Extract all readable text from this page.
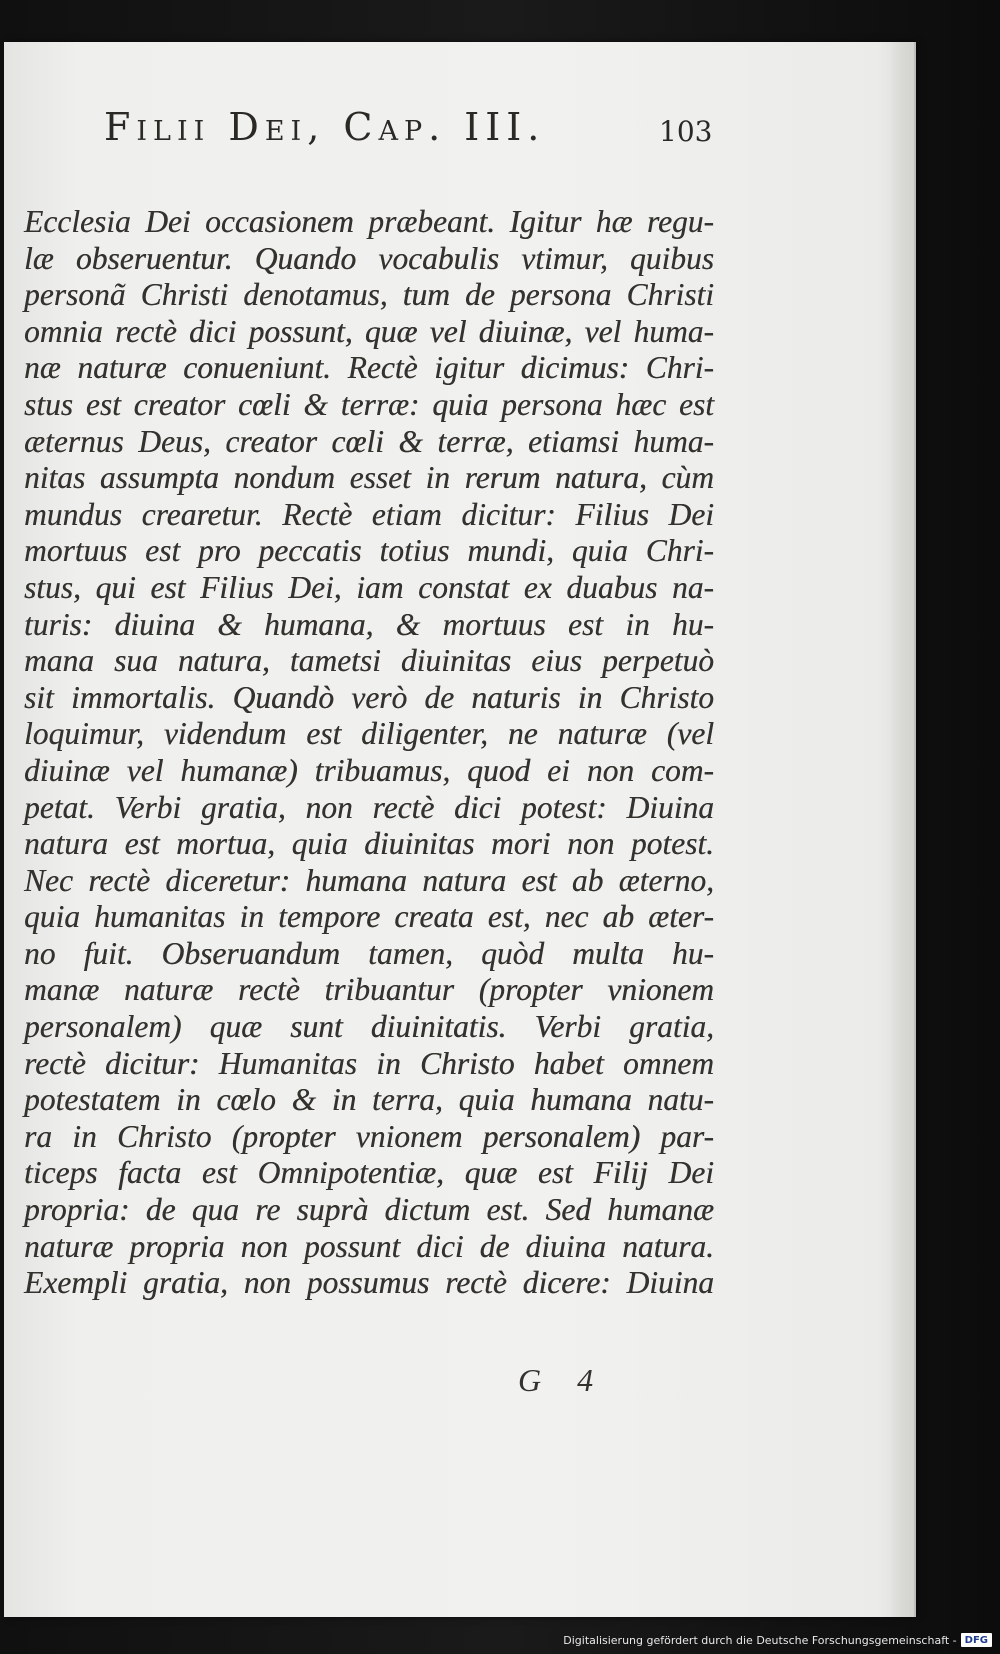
Filii Dei, Cap. III.	103
Ecclesia Dei occasionem præbeant. Igitur hæ regu-
læ obseruentur. Quando vocabulis vtimur, quibus
personã Christi denotamus, tum de persona Christi
omnia rectè dici possunt, quæ vel diuinæ, vel huma-
næ naturæ conueniunt. Rectè igitur dicimus: Chri-
stus est creator cœli & terræ: quia persona hæc est
æternus Deus, creator cœli & terræ, etiamsi huma-
nitas assumpta nondum esset in rerum natura, cùm
mundus crearetur. Rectè etiam dicitur: Filius Dei
mortuus est pro peccatis totius mundi, quia Chri-
stus, qui est Filius Dei, iam constat ex duabus na-
turis: diuina & humana, & mortuus est in hu-
mana sua natura, tametsi diuinitas eius perpetuò
sit immortalis. Quandò verò de naturis in Christo
loquimur, videndum est diligenter, ne naturæ (vel
diuinæ vel humanæ) tribuamus, quod ei non com-
petat. Verbi gratia, non rectè dici potest: Diuina
natura est mortua, quia diuinitas mori non potest.
Nec rectè diceretur: humana natura est ab æterno,
quia humanitas in tempore creata est, nec ab æter-
no fuit. Obseruandum tamen, quòd multa hu-
manæ naturæ rectè tribuantur (propter vnionem
personalem) quæ sunt diuinitatis. Verbi gratia,
rectè dicitur: Humanitas in Christo habet omnem
potestatem in cœlo & in terra, quia humana natu-
ra in Christo (propter vnionem personalem) par-
ticeps facta est Omnipotentiæ, quæ est Filij Dei
propria: de qua re suprà dictum est. Sed humanæ
naturæ propria non possunt dici de diuina natura.
Exempli gratia, non possumus rectè dicere: Diuina
G 4
Digitalisierung gefördert durch die Deutsche Forschungsgemeinschaft - DFG
